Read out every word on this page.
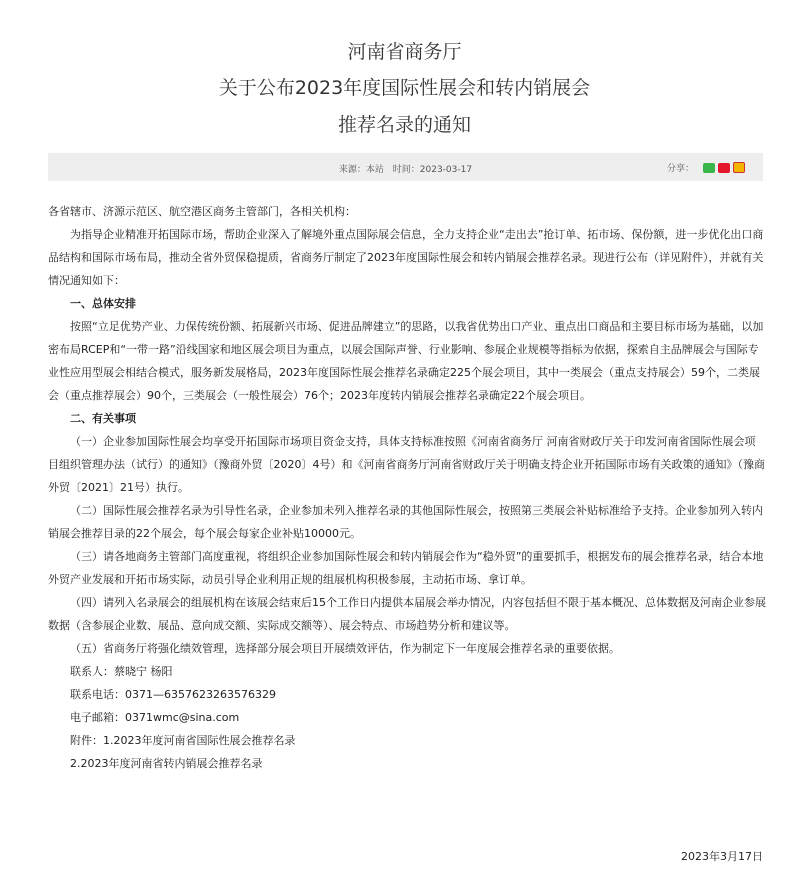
河南省商务厅
关于公布2023年度国际性展会和转内销展会
推荐名录的通知
来源：本站 时间：2023-03-17	分享：

各省辖市、济源示范区、航空港区商务主管部门，各相关机构：

为指导企业精准开拓国际市场，帮助企业深入了解境外重点国际展会信息，全力支持企业“走出去”抢订单、拓市场、保份额，进一步优化出口商品结构和国际市场布局，推动全省外贸保稳提质，省商务厅制定了2023年度国际性展会和转内销展会推荐名录。现进行公布（详见附件），并就有关情况通知如下：

一、总体安排

按照“立足优势产业、力保传统份额、拓展新兴市场、促进品牌建立”的思路，以我省优势出口产业、重点出口商品和主要目标市场为基础，以加密布局RCEP和“一带一路”沿线国家和地区展会项目为重点，以展会国际声誉、行业影响、参展企业规模等指标为依据，探索自主品牌展会与国际专业性应用型展会相结合模式，服务新发展格局，2023年度国际性展会推荐名录确定225个展会项目，其中一类展会（重点支持展会）59个，二类展会（重点推荐展会）90个，三类展会（一般性展会）76个；2023年度转内销展会推荐名录确定22个展会项目。

二、有关事项

（一）企业参加国际性展会均享受开拓国际市场项目资金支持，具体支持标准按照《河南省商务厅 河南省财政厅关于印发河南省国际性展会项目组织管理办法（试行）的通知》（豫商外贸〔2020〕4号）和《河南省商务厅河南省财政厅关于明确支持企业开拓国际市场有关政策的通知》（豫商外贸〔2021〕21号）执行。

（二）国际性展会推荐名录为引导性名录，企业参加未列入推荐名录的其他国际性展会，按照第三类展会补贴标准给予支持。企业参加列入转内销展会推荐目录的22个展会，每个展会每家企业补贴10000元。

（三）请各地商务主管部门高度重视，将组织企业参加国际性展会和转内销展会作为“稳外贸”的重要抓手，根据发布的展会推荐名录，结合本地外贸产业发展和开拓市场实际，动员引导企业利用正规的组展机构积极参展，主动拓市场、拿订单。

（四）请列入名录展会的组展机构在该展会结束后15个工作日内提供本届展会举办情况，内容包括但不限于基本概况、总体数据及河南企业参展数据（含参展企业数、展品、意向成交额、实际成交额等）、展会特点、市场趋势分析和建议等。

（五）省商务厅将强化绩效管理，选择部分展会项目开展绩效评估，作为制定下一年度展会推荐名录的重要依据。

联系人：蔡晓宁 杨阳

联系电话：0371—6357623263576329

电子邮箱：0371wmc@sina.com

附件：1.2023年度河南省国际性展会推荐名录

2.2023年度河南省转内销展会推荐名录

2023年3月17日
